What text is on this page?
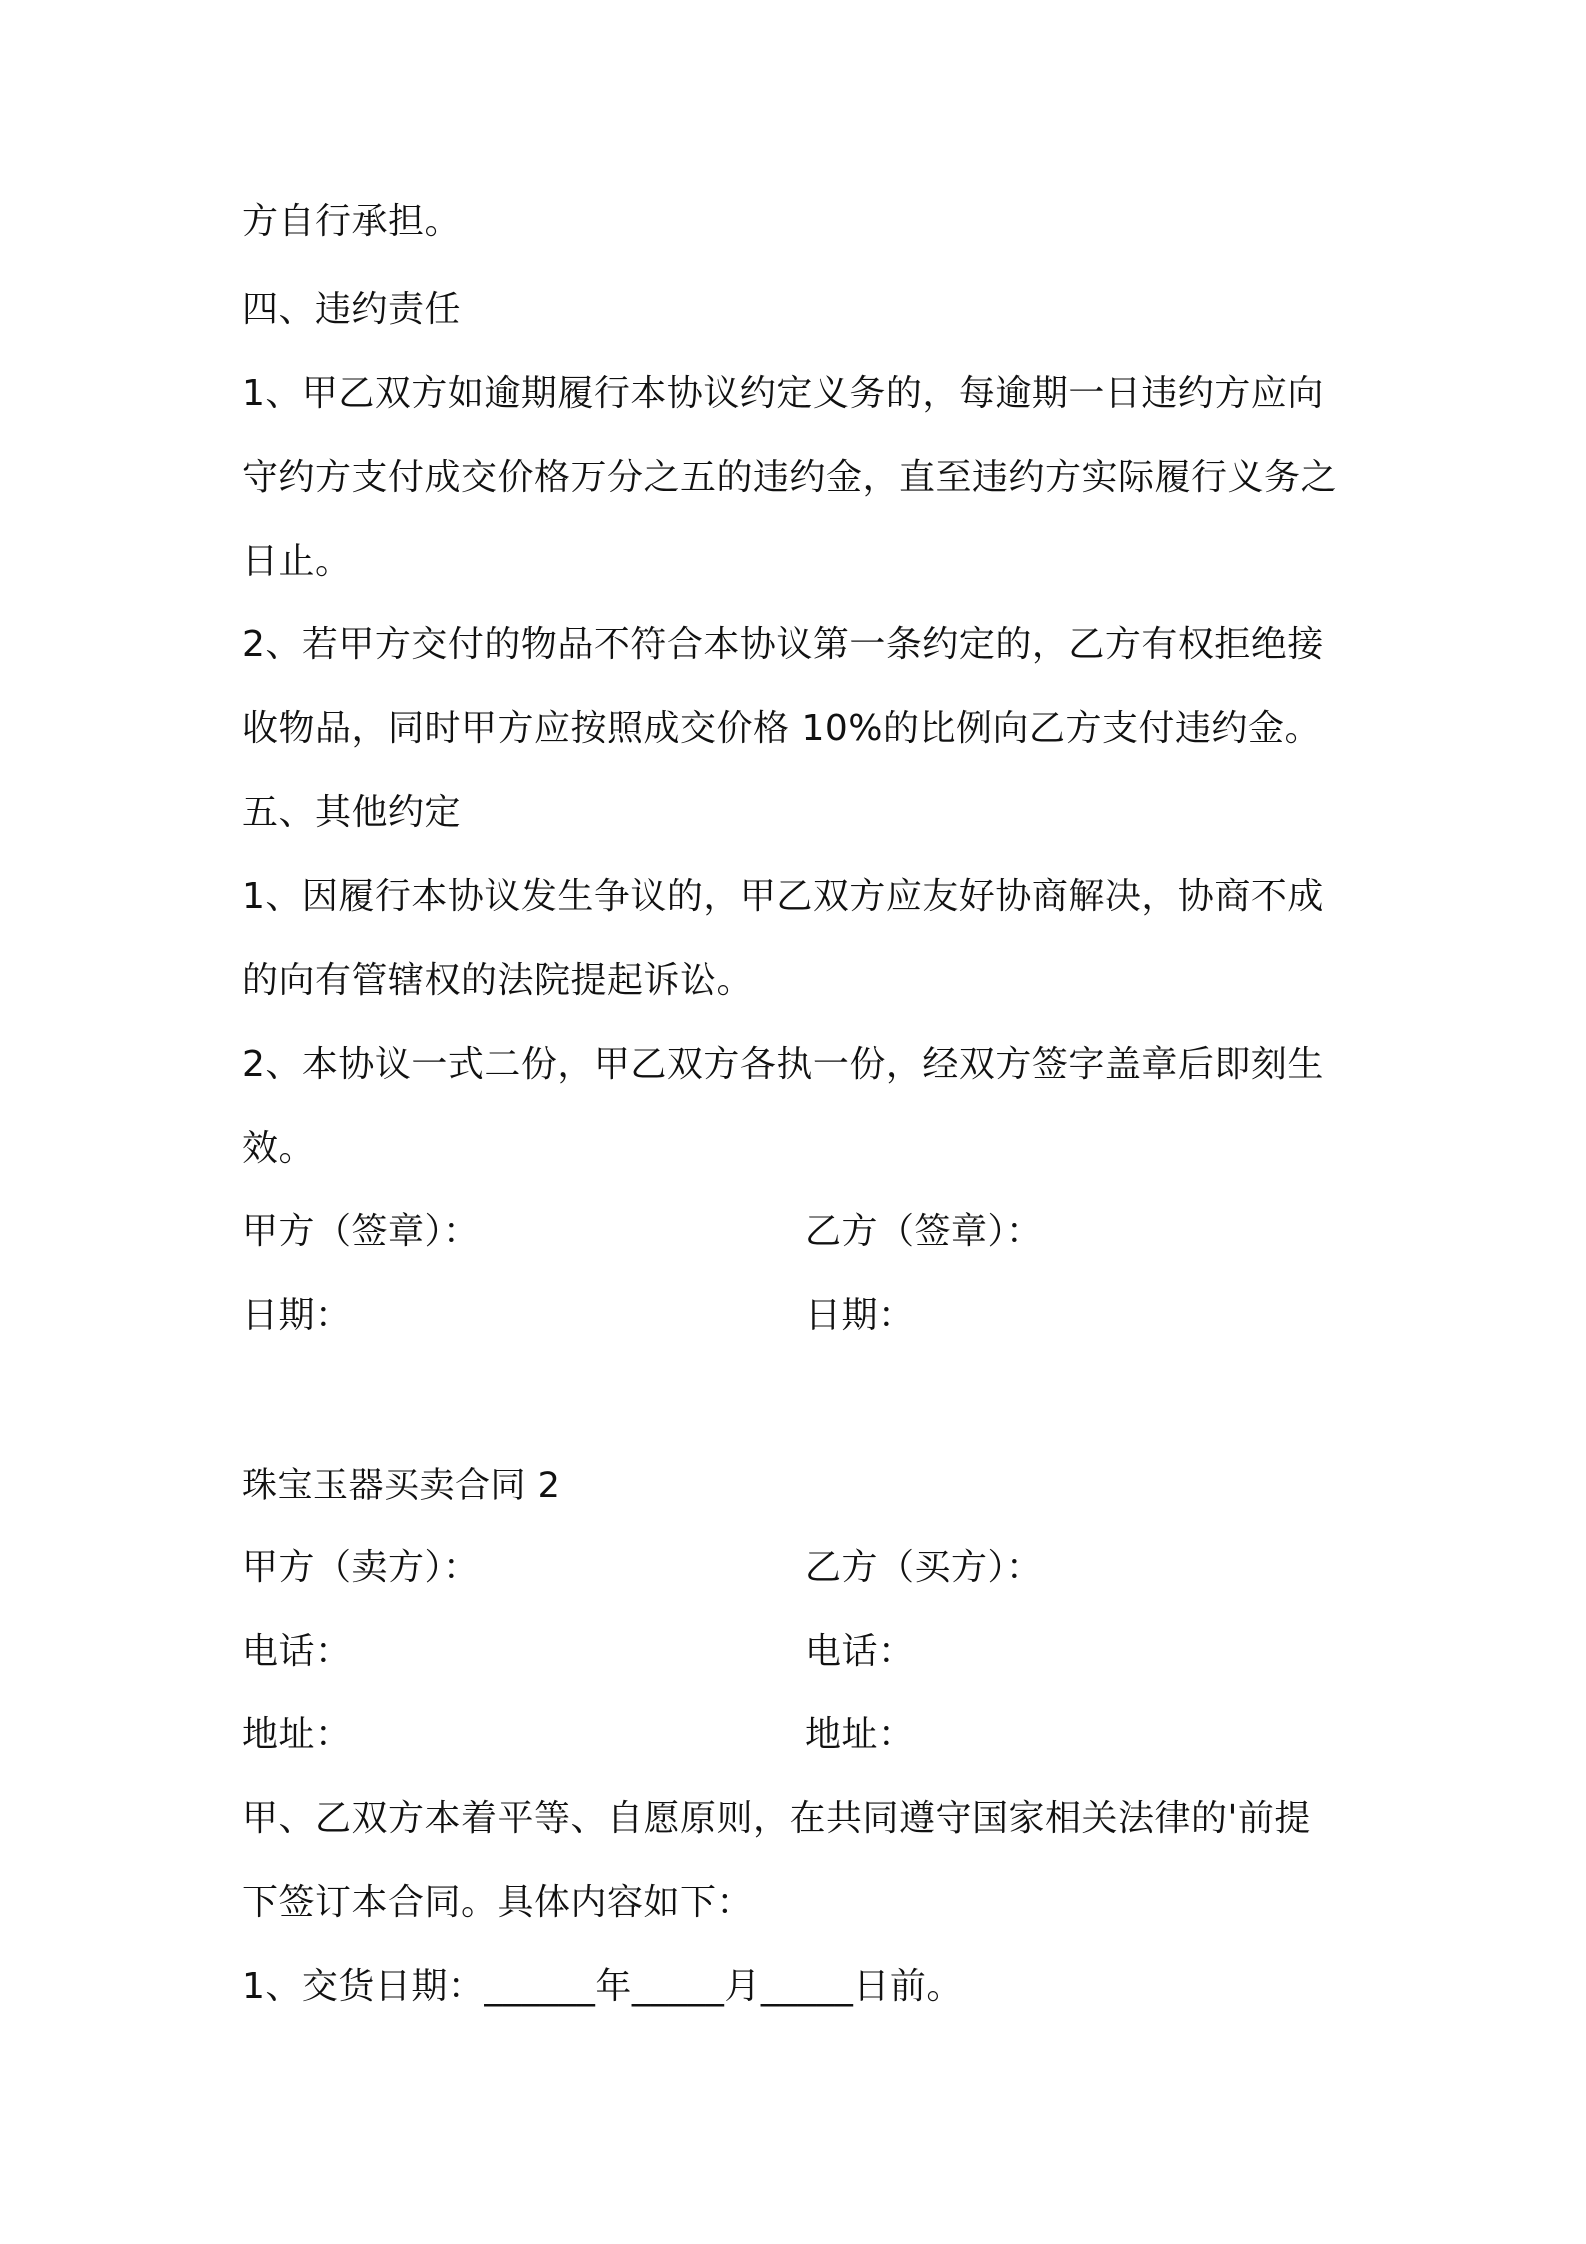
方自行承担。
四、违约责任
1、甲乙双方如逾期履行本协议约定义务的，每逾期一日违约方应向
守约方支付成交价格万分之五的违约金，直至违约方实际履行义务之
日止。
2、若甲方交付的物品不符合本协议第一条约定的，乙方有权拒绝接
收物品，同时甲方应按照成交价格 10%的比例向乙方支付违约金。
五、其他约定
1、因履行本协议发生争议的，甲乙双方应友好协商解决，协商不成
的向有管辖权的法院提起诉讼。
2、本协议一式二份，甲乙双方各执一份，经双方签字盖章后即刻生
效。
甲方（签章）：	乙方（签章）：
日期：	日期：
珠宝玉器买卖合同 2
甲方（卖方）：	乙方（买方）：
电话：	电话：
地址：	地址：
甲、乙双方本着平等、自愿原则，在共同遵守国家相关法律的'前提
下签订本合同。具体内容如下：
1、交货日期：______年_____月_____日前。
